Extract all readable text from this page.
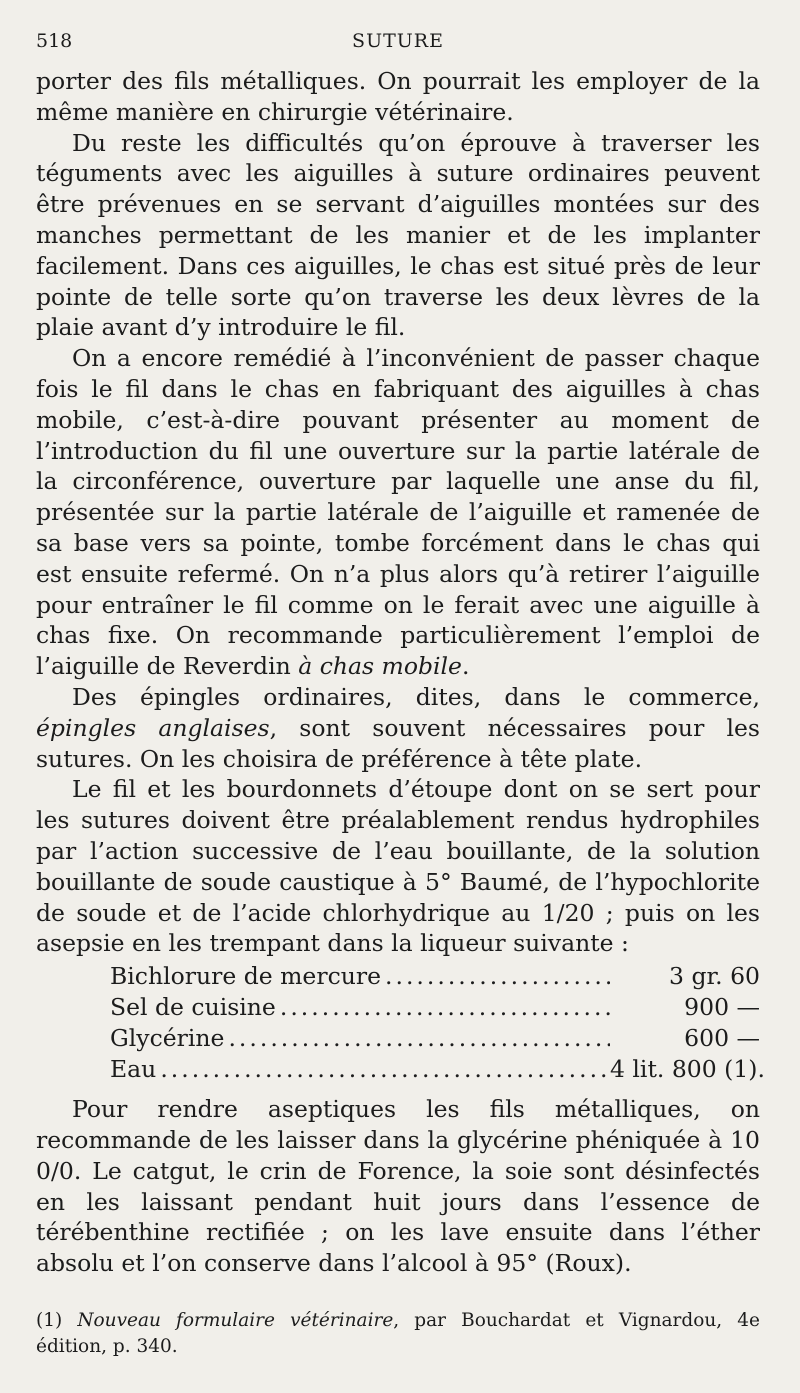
518	SUTURE

porter des fils métalliques. On pourrait les employer de la même manière en chirurgie vétérinaire.

Du reste les difficultés qu’on éprouve à traverser les téguments avec les aiguilles à suture ordinaires peuvent être prévenues en se servant d’aiguilles montées sur des manches permettant de les manier et de les implanter facilement. Dans ces aiguilles, le chas est situé près de leur pointe de telle sorte qu’on traverse les deux lèvres de la plaie avant d’y introduire le fil.

On a encore remédié à l’inconvénient de passer chaque fois le fil dans le chas en fabriquant des aiguilles à chas mobile, c’est-à-dire pouvant présenter au moment de l’introduction du fil une ouverture sur la partie latérale de la circonférence, ouverture par laquelle une anse du fil, présentée sur la partie latérale de l’aiguille et ramenée de sa base vers sa pointe, tombe forcément dans le chas qui est ensuite refermé. On n’a plus alors qu’à retirer l’aiguille pour entraîner le fil comme on le ferait avec une aiguille à chas fixe. On recommande particulièrement l’emploi de l’aiguille de Reverdin à chas mobile.

Des épingles ordinaires, dites, dans le commerce, épingles anglaises, sont souvent nécessaires pour les sutures. On les choisira de préférence à tête plate.

Le fil et les bourdonnets d’étoupe dont on se sert pour les sutures doivent être préalablement rendus hydrophiles par l’action successive de l’eau bouillante, de la solution bouillante de soude caustique à 5° Baumé, de l’hypochlorite de soude et de l’acide chlorhydrique au 1/20 ; puis on les asepsie en les trempant dans la liqueur suivante :

Bichlorure de mercure .....	3 gr. 60
Sel de cuisine .....	900 —
Glycérine .....	600 —
Eau .....	4 lit. 800 (1).

Pour rendre aseptiques les fils métalliques, on recommande de les laisser dans la glycérine phéniquée à 10 0/0. Le catgut, le crin de Forence, la soie sont désinfectés en les laissant pendant huit jours dans l’essence de térébenthine rectifiée ; on les lave ensuite dans l’éther absolu et l’on conserve dans l’alcool à 95° (Roux).

(1) Nouveau formulaire vétérinaire, par Bouchardat et Vignardou, 4e édition, p. 340.
